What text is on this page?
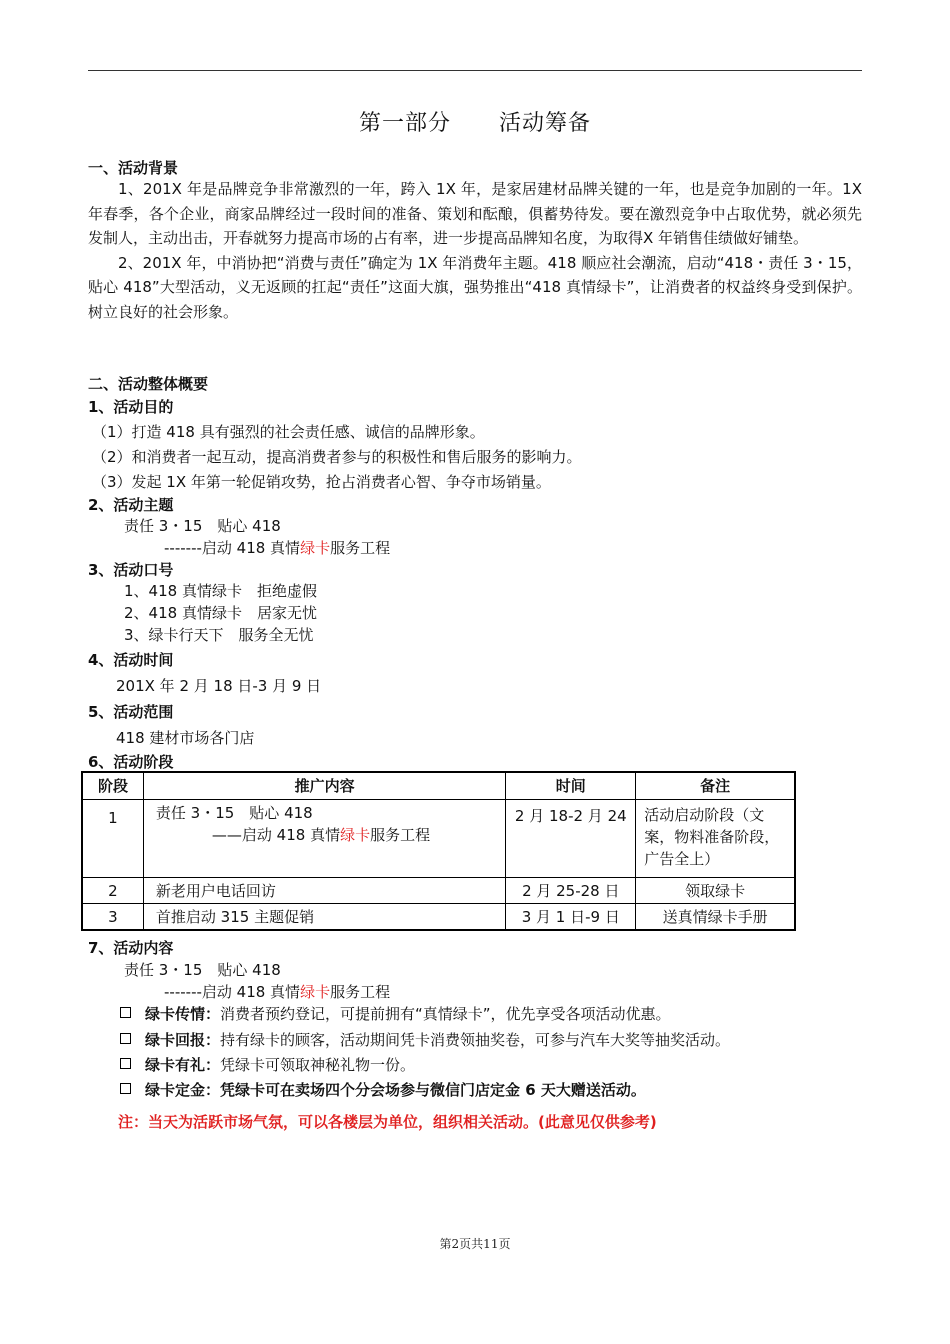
第一部分 活动筹备
一、活动背景

1、201X 年是品牌竞争非常激烈的一年，跨入 1X 年，是家居建材品牌关键的一年，也是竞争加剧的一年。1X 年春季，各个企业，商家品牌经过一段时间的准备、策划和酝酿，俱蓄势待发。要在激烈竞争中占取优势，就必须先发制人，主动出击，开春就努力提高市场的占有率，进一步提高品牌知名度，为取得X 年销售佳绩做好铺垫。

2、201X 年，中消协把“消费与责任”确定为 1X 年消费年主题。418 顺应社会潮流，启动“418・责任 3・15，贴心 418”大型活动，义无返顾的扛起“责任”这面大旗，强势推出“418 真情绿卡”，让消费者的权益终身受到保护。树立良好的社会形象。

二、活动整体概要
1、活动目的
（1）打造 418 具有强烈的社会责任感、诚信的品牌形象。
（2）和消费者一起互动，提高消费者参与的积极性和售后服务的影响力。
（3）发起 1X 年第一轮促销攻势，抢占消费者心智、争夺市场销量。
2、活动主题
责任 3・15　贴心 418
-------启动 418 真情绿卡服务工程
3、活动口号
1、418 真情绿卡　拒绝虚假
2、418 真情绿卡　居家无忧
3、绿卡行天下　服务全无忧
4、活动时间
201X 年 2 月 18 日-3 月 9 日
5、活动范围
418 建材市场各门店
6、活动阶段
阶段	推广内容	时间	备注
1	责任 3・15　贴心 418
——启动 418 真情绿卡服务工程	2 月 18-2 月 24	活动启动阶段（文案，物料准备阶段，广告全上）
2	新老用户电话回访	2 月 25-28 日	领取绿卡
3	首推启动 315 主题促销	3 月 1 日-9 日	送真情绿卡手册
7、活动内容
责任 3・15　贴心 418
-------启动 418 真情绿卡服务工程
绿卡传情：消费者预约登记，可提前拥有“真情绿卡”，优先享受各项活动优惠。
绿卡回报：持有绿卡的顾客，活动期间凭卡消费领抽奖卷，可参与汽车大奖等抽奖活动。
绿卡有礼：凭绿卡可领取神秘礼物一份。
绿卡定金：凭绿卡可在卖场四个分会场参与微信门店定金 6 天大赠送活动。
注：当天为活跃市场气氛，可以各楼层为单位，组织相关活动。(此意见仅供参考)
第2页共11页
